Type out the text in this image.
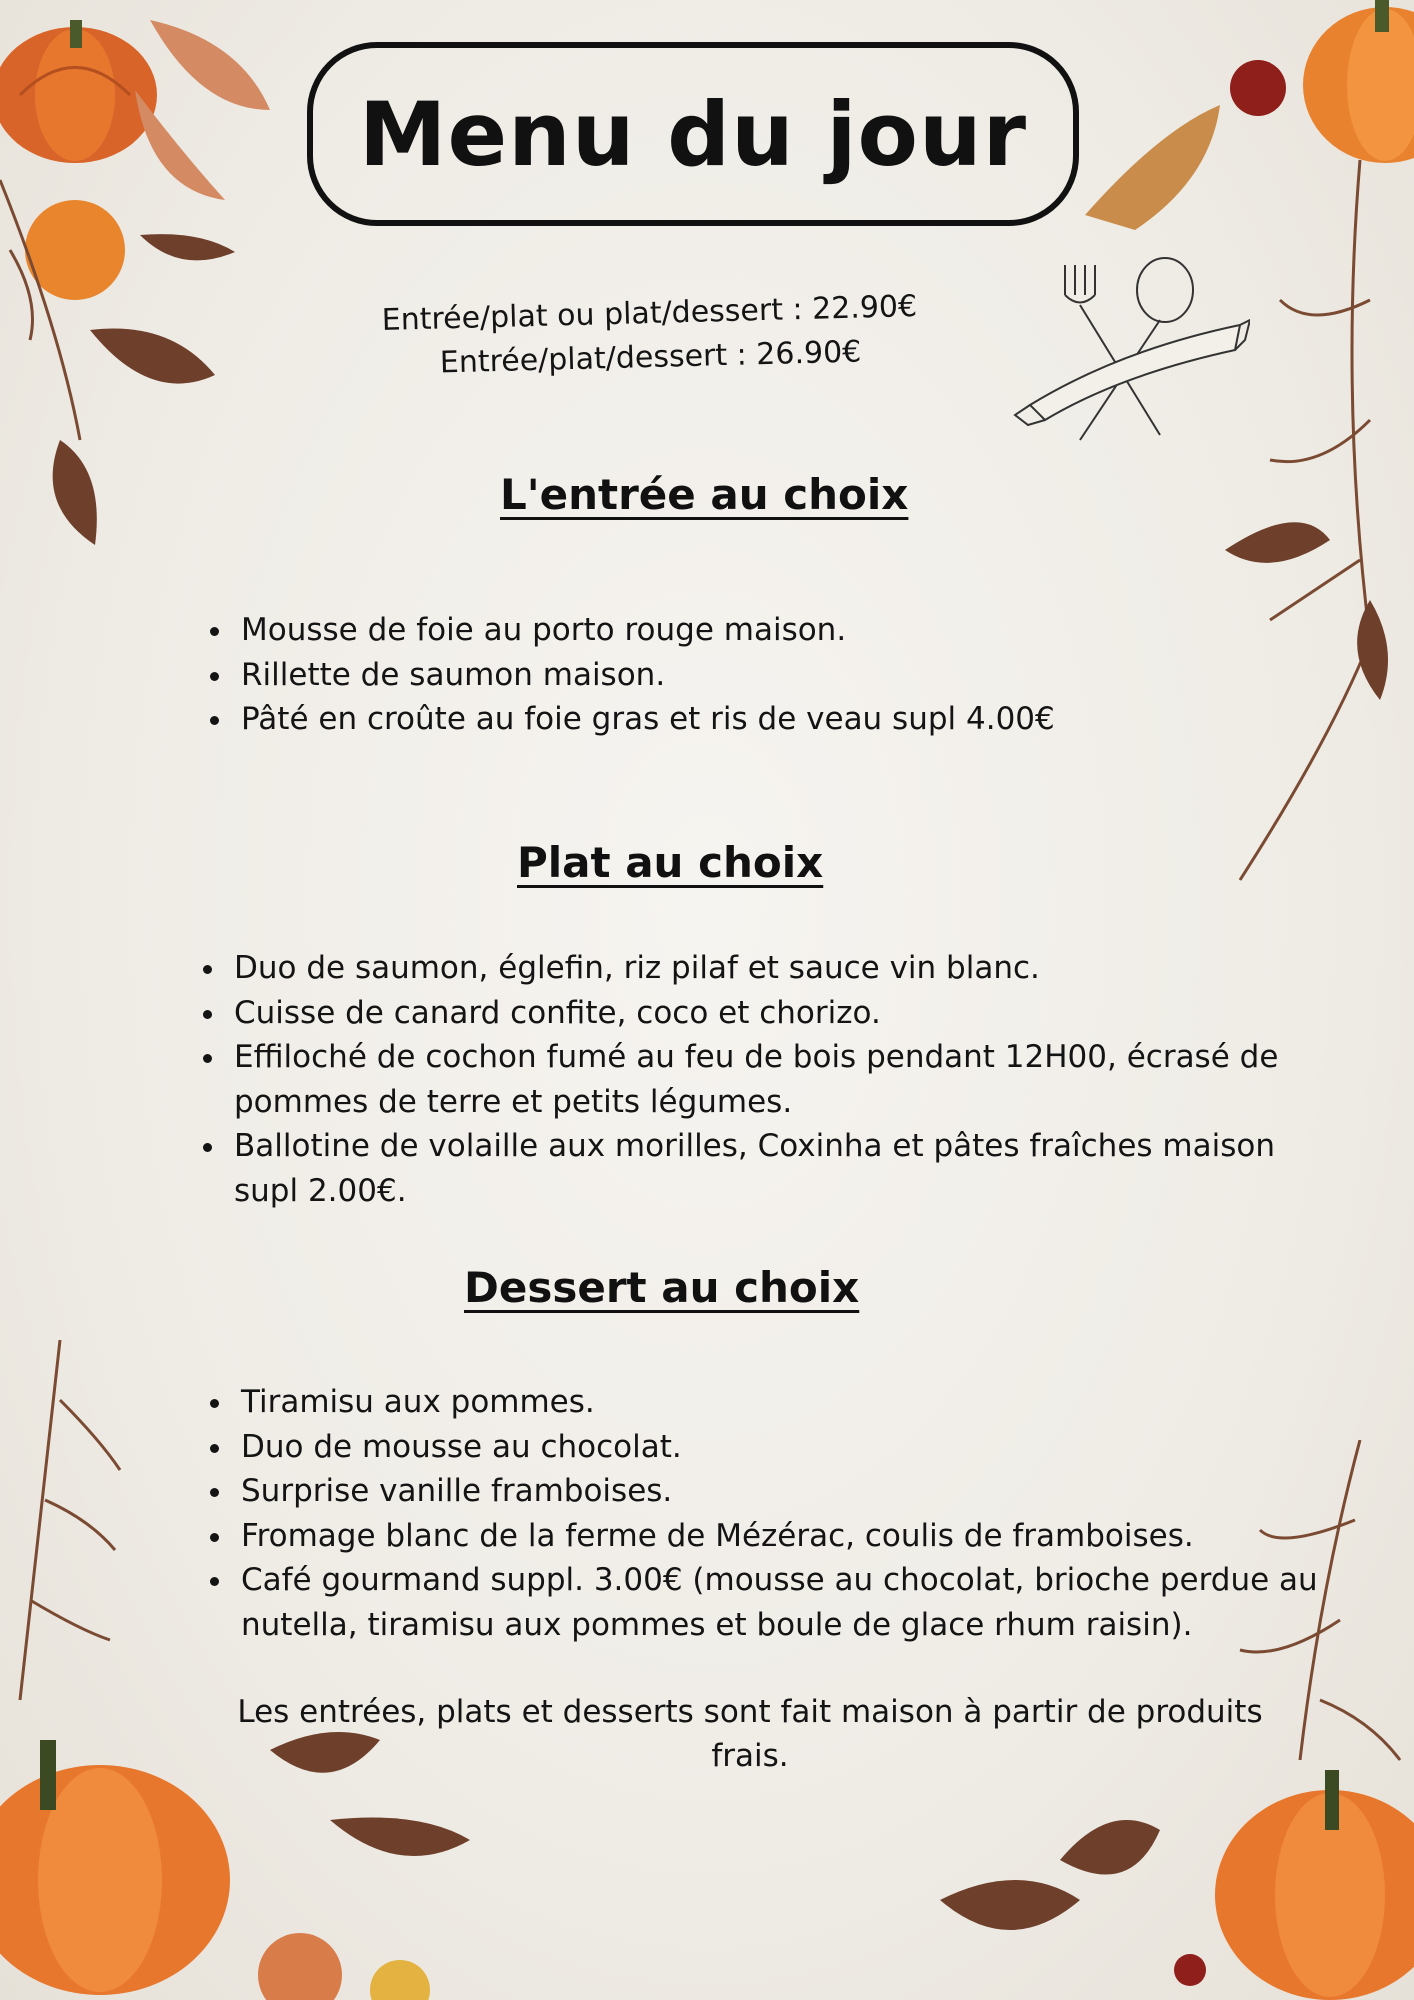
Menu du jour
Entrée/plat ou plat/dessert : 22.90€
Entrée/plat/dessert : 26.90€
L'entrée au choix
• Mousse de foie au porto rouge maison.
• Rillette de saumon maison.
• Pâté en croûte au foie gras et ris de veau supl 4.00€
Plat au choix
• Duo de saumon, églefin, riz pilaf et sauce vin blanc.
• Cuisse de canard confite, coco et chorizo.
• Effiloché de cochon fumé au feu de bois pendant 12H00, écrasé de pommes de terre et petits légumes.
• Ballotine de volaille aux morilles, Coxinha et pâtes fraîches maison supl 2.00€.
Dessert au choix
• Tiramisu aux pommes.
• Duo de mousse au chocolat.
• Surprise vanille framboises.
• Fromage blanc de la ferme de Mézérac, coulis de framboises.
• Café gourmand suppl. 3.00€ (mousse au chocolat, brioche perdue au nutella, tiramisu aux pommes et boule de glace rhum raisin).
Les entrées, plats et desserts sont fait maison à partir de produits frais.
